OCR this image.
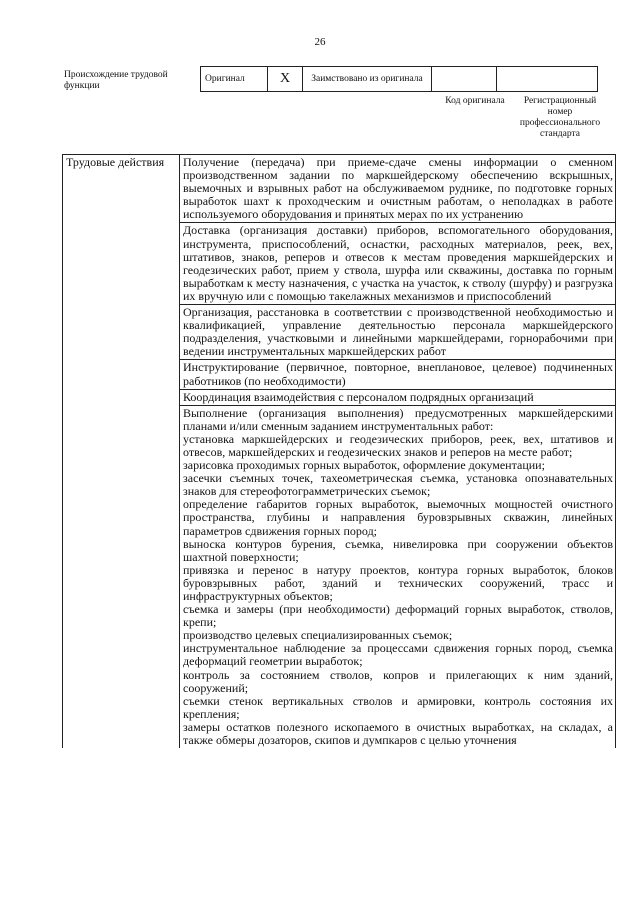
26
Происхождение трудовой функции
Оригинал	X	Заимствовано из оригинала		
Код оригинала	Регистрационный номер профессионального стандарта
Трудовые действия	Получение (передача) при приеме-сдаче смены информации о сменном производственном задании по маркшейдерскому обеспечению вскрышных, выемочных и взрывных работ на обслуживаемом руднике, по подготовке горных выработок шахт к проходческим и очистным работам, о неполадках в работе используемого оборудования и принятых мерах по их устранению
Доставка (организация доставки) приборов, вспомогательного оборудования, инструмента, приспособлений, оснастки, расходных материалов, реек, вех, штативов, знаков, реперов и отвесов к местам проведения маркшейдерских и геодезических работ, прием у ствола, шурфа или скважины, доставка по горным выработкам к месту назначения, с участка на участок, к стволу (шурфу) и разгрузка их вручную или с помощью такелажных механизмов и приспособлений
Организация, расстановка в соответствии с производственной необходимостью и квалификацией, управление деятельностью персонала маркшейдерского подразделения, участковыми и линейными маркшейдерами, горнорабочими при ведении инструментальных маркшейдерских работ
Инструктирование (первичное, повторное, внеплановое, целевое) подчиненных работников (по необходимости)
Координация взаимодействия с персоналом подрядных организаций

Выполнение (организация выполнения) предусмотренных маркшейдерскими планами и/или сменным заданием инструментальных работ:
установка маркшейдерских и геодезических приборов, реек, вех, штативов и отвесов, маркшейдерских и геодезических знаков и реперов на месте работ;
зарисовка проходимых горных выработок, оформление документации;
засечки съемных точек, тахеометрическая съемка, установка опознавательных знаков для стереофотограмметрических съемок;
определение габаритов горных выработок, выемочных мощностей очистного пространства, глубины и направления буровзрывных скважин, линейных параметров сдвижения горных пород;
выноска контуров бурения, съемка, нивелировка при сооружении объектов шахтной поверхности;
привязка и перенос в натуру проектов, контура горных выработок, блоков буровзрывных работ, зданий и технических сооружений, трасс и инфраструктурных объектов;
съемка и замеры (при необходимости) деформаций горных выработок, стволов, крепи;
производство целевых специализированных съемок;
инструментальное наблюдение за процессами сдвижения горных пород, съемка деформаций геометрии выработок;
контроль за состоянием стволов, копров и прилегающих к ним зданий, сооружений;
съемки стенок вертикальных стволов и армировки, контроль состояния их крепления;
замеры остатков полезного ископаемого в очистных выработках, на складах, а также обмеры дозаторов, скипов и думпкаров с целью уточнения
